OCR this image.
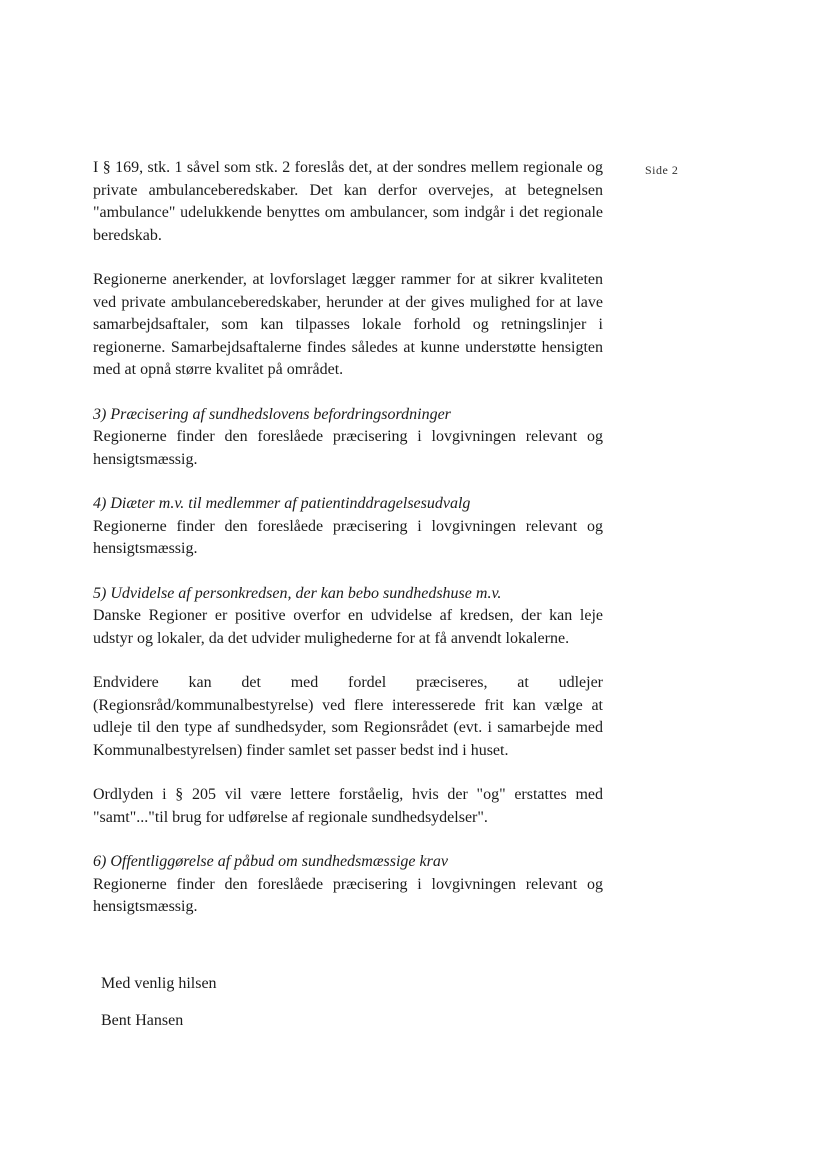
Side 2

I § 169, stk. 1 såvel som stk. 2 foreslås det, at der sondres mellem regionale og private ambulanceberedskaber. Det kan derfor overvejes, at betegnelsen "ambulance" udelukkende benyttes om ambulancer, som indgår i det regionale beredskab.

Regionerne anerkender, at lovforslaget lægger rammer for at sikrer kvaliteten ved private ambulanceberedskaber, herunder at der gives mulighed for at lave samarbejdsaftaler, som kan tilpasses lokale forhold og retningslinjer i regionerne. Samarbejdsaftalerne findes således at kunne understøtte hensigten med at opnå større kvalitet på området.

3) Præcisering af sundhedslovens befordringsordninger

Regionerne finder den foreslåede præcisering i lovgivningen relevant og hensigtsmæssig.

4) Diæter m.v. til medlemmer af patientinddragelsesudvalg

Regionerne finder den foreslåede præcisering i lovgivningen relevant og hensigtsmæssig.

5) Udvidelse af personkredsen, der kan bebo sundhedshuse m.v.

Danske Regioner er positive overfor en udvidelse af kredsen, der kan leje udstyr og lokaler, da det udvider mulighederne for at få anvendt lokalerne.

Endvidere kan det med fordel præciseres, at udlejer (Regionsråd/kommunalbestyrelse) ved flere interesserede frit kan vælge at udleje til den type af sundhedsyder, som Regionsrådet (evt. i samarbejde med Kommunalbestyrelsen) finder samlet set passer bedst ind i huset.

Ordlyden i § 205 vil være lettere forståelig, hvis der "og" erstattes med "samt"..."til brug for udførelse af regionale sundhedsydelser".

6) Offentliggørelse af påbud om sundhedsmæssige krav

Regionerne finder den foreslåede præcisering i lovgivningen relevant og hensigtsmæssig.

Med venlig hilsen

Bent Hansen
